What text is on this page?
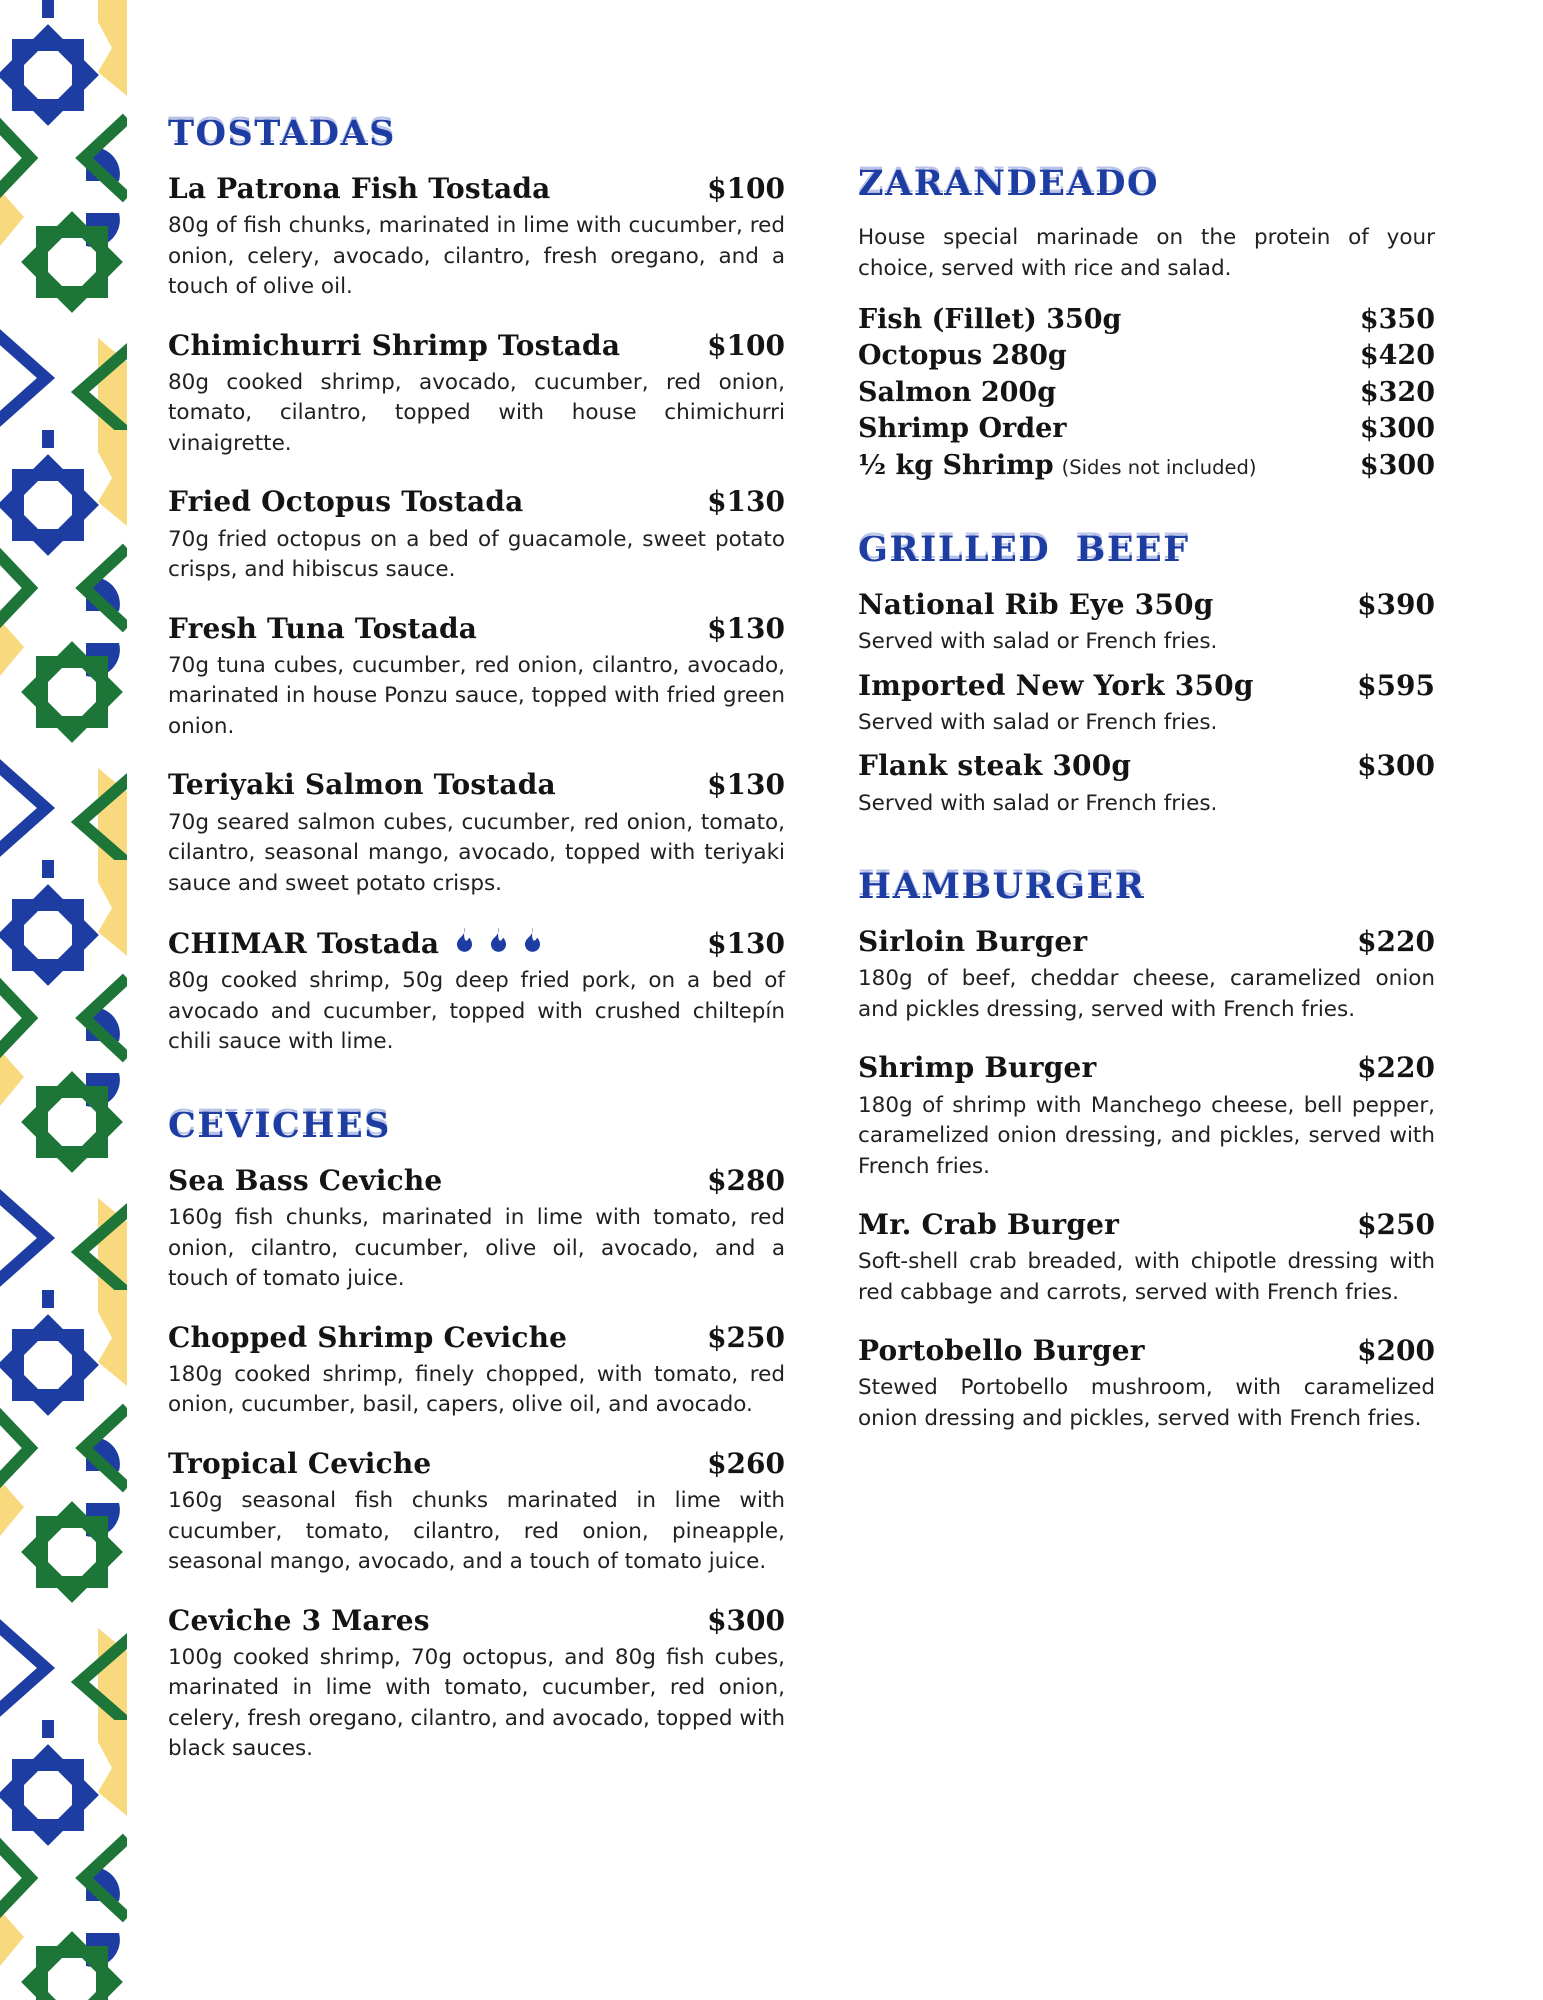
TOSTADAS
La Patrona Fish Tostada	$100

80g of fish chunks, marinated in lime with cucumber, red onion, celery, avocado, cilantro, fresh oregano, and a touch of olive oil.

Chimichurri Shrimp Tostada	$100

80g cooked shrimp, avocado, cucumber, red onion, tomato, cilantro, topped with house chimichurri vinaigrette.

Fried Octopus Tostada	$130

70g fried octopus on a bed of guacamole, sweet potato crisps, and hibiscus sauce.

Fresh Tuna Tostada	$130

70g tuna cubes, cucumber, red onion, cilantro, avocado, marinated in house Ponzu sauce, topped with fried green onion.

Teriyaki Salmon Tostada	$130

70g seared salmon cubes, cucumber, red onion, tomato, cilantro, seasonal mango, avocado, topped with teriyaki sauce and sweet potato crisps.

CHIMAR Tostada	$130

80g cooked shrimp, 50g deep fried pork, on a bed of avocado and cucumber, topped with crushed chiltepín chili sauce with lime.

CEVICHES
Sea Bass Ceviche	$280

160g fish chunks, marinated in lime with tomato, red onion, cilantro, cucumber, olive oil, avocado, and a touch of tomato juice.

Chopped Shrimp Ceviche	$250

180g cooked shrimp, finely chopped, with tomato, red onion, cucumber, basil, capers, olive oil, and avocado.

Tropical Ceviche	$260

160g seasonal fish chunks marinated in lime with cucumber, tomato, cilantro, red onion, pineapple, seasonal mango, avocado, and a touch of tomato juice.

Ceviche 3 Mares	$300

100g cooked shrimp, 70g octopus, and 80g fish cubes, marinated in lime with tomato, cucumber, red onion, celery, fresh oregano, cilantro, and avocado, topped with black sauces.

ZARANDEADO

House special marinade on the protein of your choice, served with rice and salad.

Fish (Fillet) 350g	$350
Octopus 280g	$420
Salmon 200g	$320
Shrimp Order	$300
½ kg Shrimp (Sides not included)	$300
GRILLED BEEF
National Rib Eye 350g	$390

Served with salad or French fries.

Imported New York 350g	$595

Served with salad or French fries.

Flank steak 300g	$300

Served with salad or French fries.

HAMBURGER
Sirloin Burger	$220

180g of beef, cheddar cheese, caramelized onion and pickles dressing, served with French fries.

Shrimp Burger	$220

180g of shrimp with Manchego cheese, bell pepper, caramelized onion dressing, and pickles, served with French fries.

Mr. Crab Burger	$250

Soft-shell crab breaded, with chipotle dressing with red cabbage and carrots, served with French fries.

Portobello Burger	$200

Stewed Portobello mushroom, with caramelized onion dressing and pickles, served with French fries.
